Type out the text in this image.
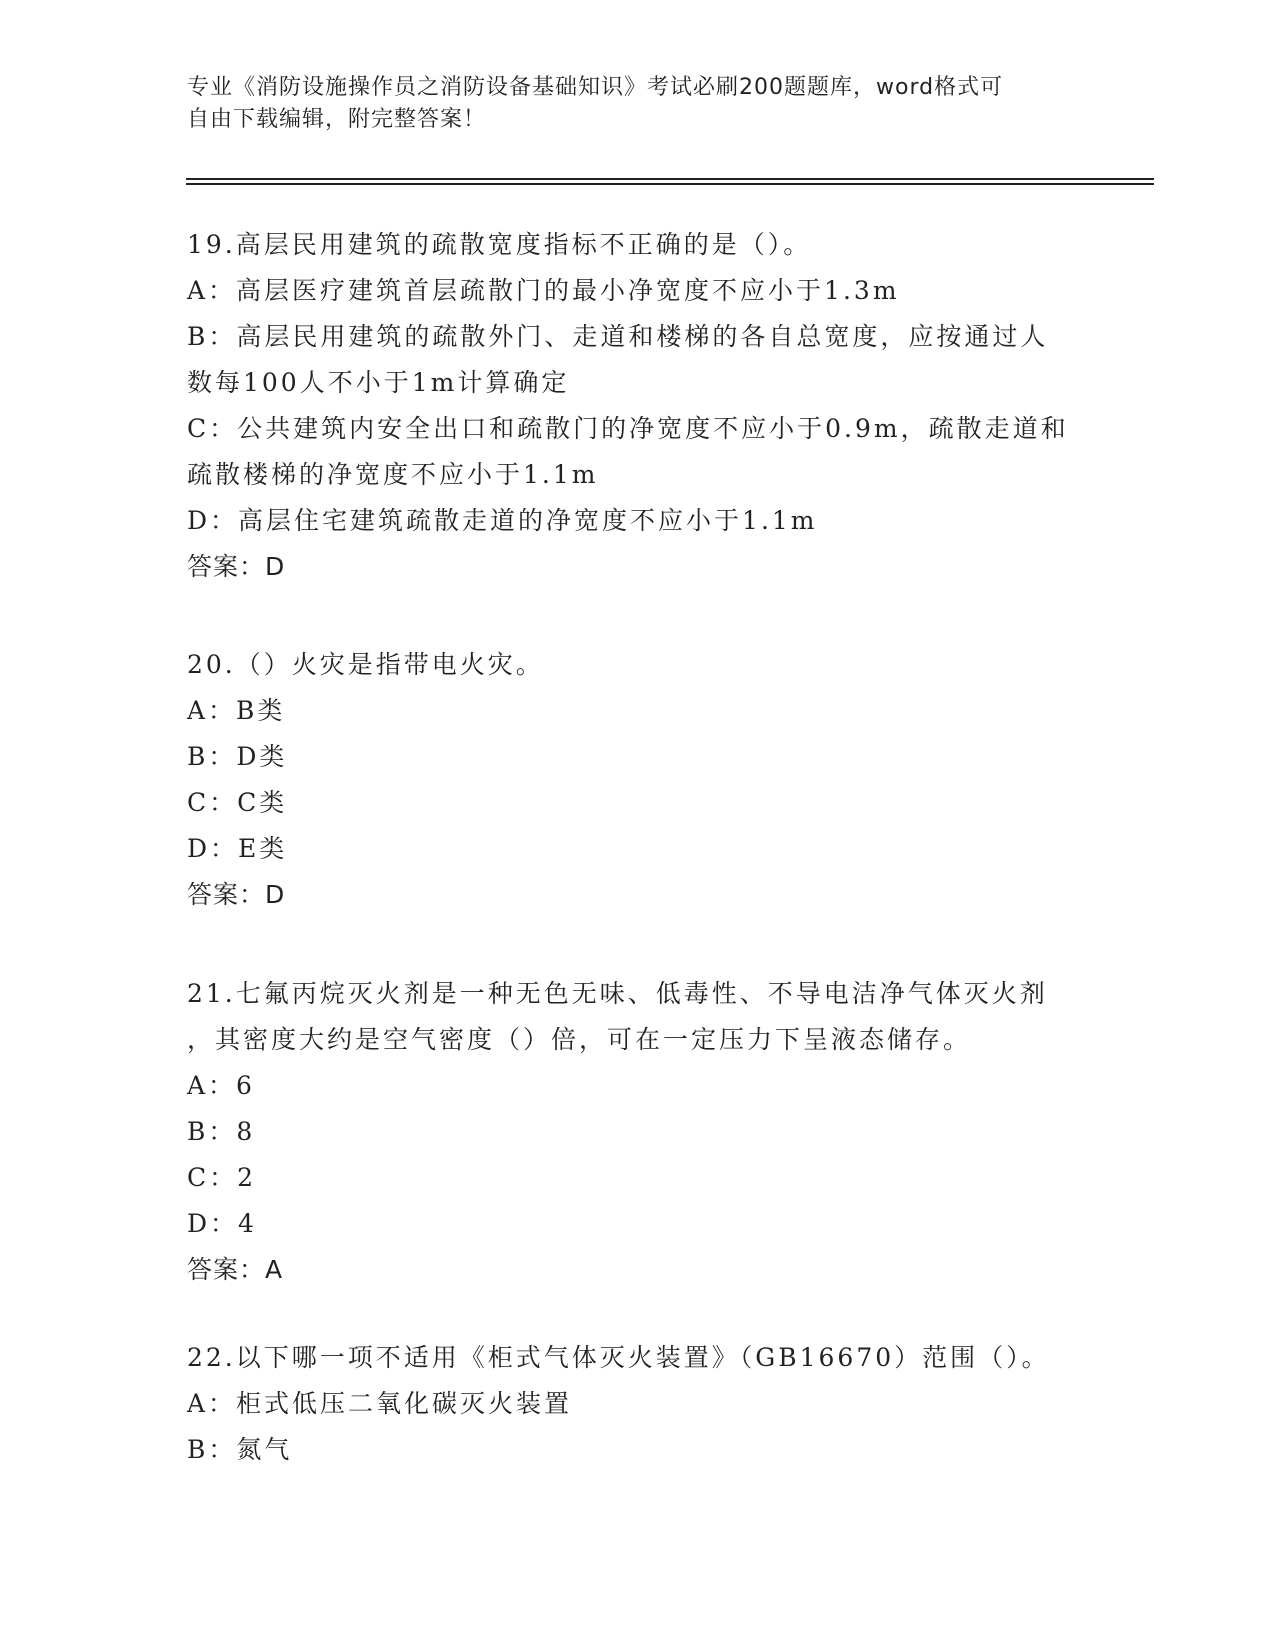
专业《消防设施操作员之消防设备基础知识》考试必刷200题题库，word格式可
自由下载编辑，附完整答案！
19.高层民用建筑的疏散宽度指标不正确的是（）。
A：高层医疗建筑首层疏散门的最小净宽度不应小于1.3m
B：高层民用建筑的疏散外门、走道和楼梯的各自总宽度，应按通过人
数每100人不小于1m计算确定
C：公共建筑内安全出口和疏散门的净宽度不应小于0.9m，疏散走道和
疏散楼梯的净宽度不应小于1.1m
D：高层住宅建筑疏散走道的净宽度不应小于1.1m
答案：D
20.（）火灾是指带电火灾。
A：B类
B：D类
C：C类
D：E类
答案：D
21.七氟丙烷灭火剂是一种无色无味、低毒性、不导电洁净气体灭火剂
，其密度大约是空气密度（）倍，可在一定压力下呈液态储存。
A：6
B：8
C：2
D：4
答案：A
22.以下哪一项不适用《柜式气体灭火装置》（GB16670）范围（）。
A：柜式低压二氧化碳灭火装置
B：氮气
